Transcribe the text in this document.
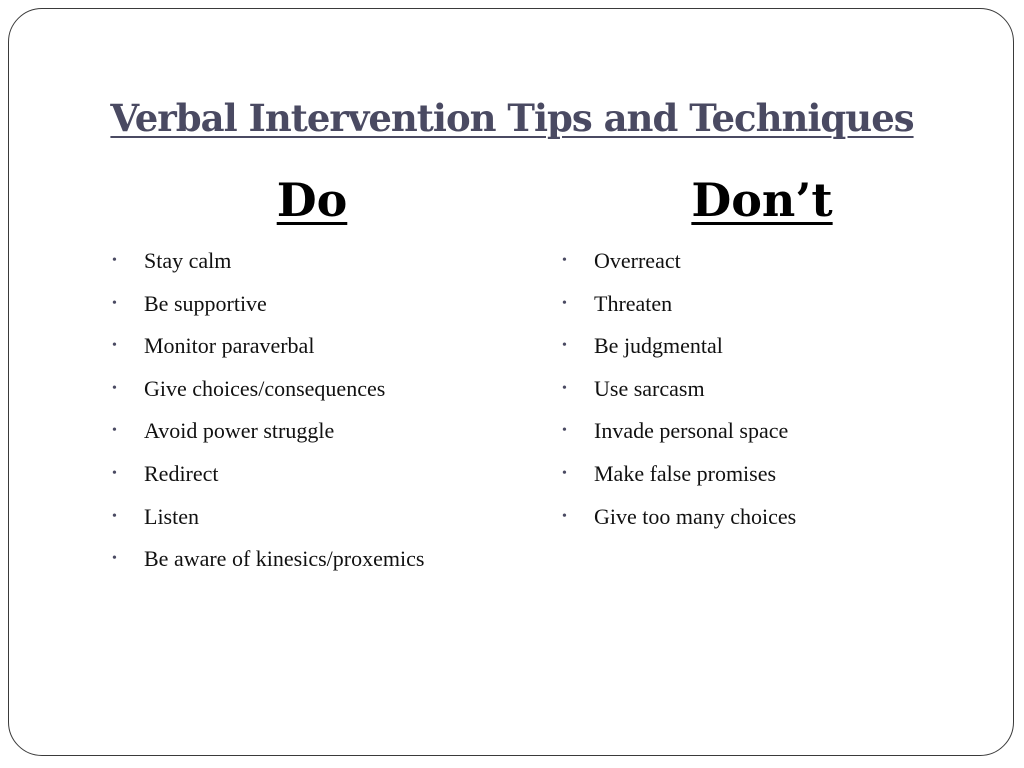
Verbal Intervention Tips and Techniques
Do	Don’t
•	Stay calm
•	Be supportive
•	Monitor paraverbal
•	Give choices/consequences
•	Avoid power struggle
•	Redirect
•	Listen
•	Be aware of kinesics/proxemics
•	Overreact
•	Threaten
•	Be judgmental
•	Use sarcasm
•	Invade personal space
•	Make false promises
•	Give too many choices
